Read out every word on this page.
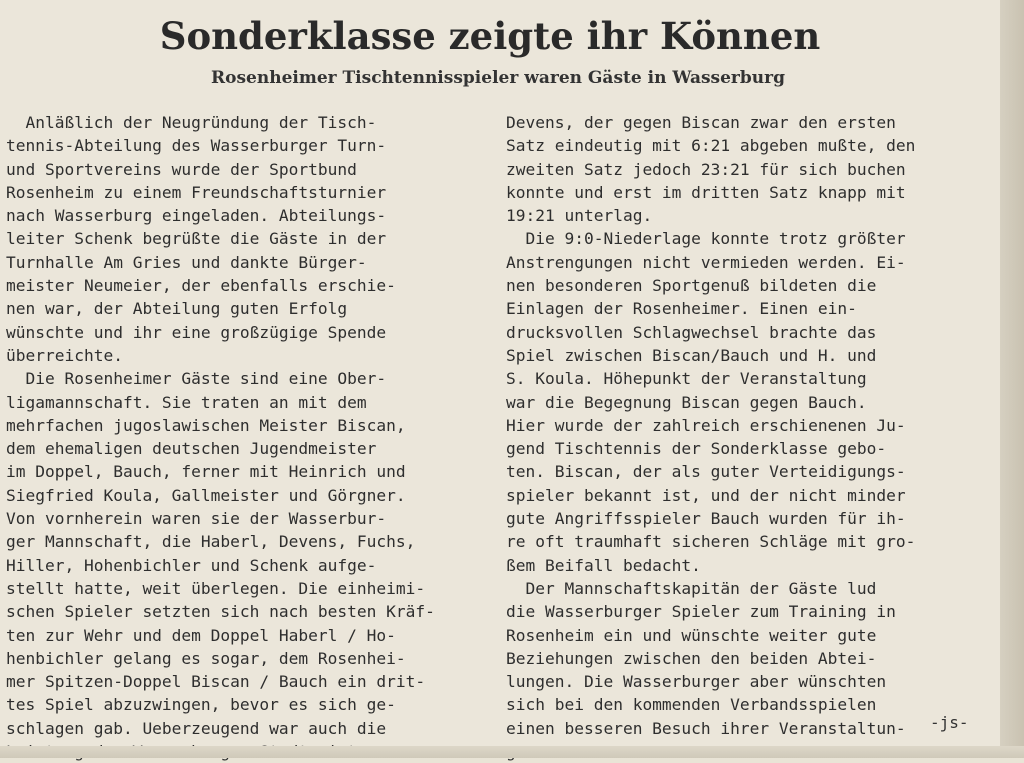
Sonderklasse zeigte ihr Können
Rosenheimer Tischtennisspieler waren Gäste in Wasserburg
Anläßlich der Neugründung der Tisch-
tennis-Abteilung des Wasserburger Turn-
und Sportvereins wurde der Sportbund
Rosenheim zu einem Freundschaftsturnier
nach Wasserburg eingeladen. Abteilungs-
leiter Schenk begrüßte die Gäste in der
Turnhalle Am Gries und dankte Bürger-
meister Neumeier, der ebenfalls erschie-
nen war, der Abteilung guten Erfolg
wünschte und ihr eine großzügige Spende
überreichte.
Die Rosenheimer Gäste sind eine Ober-
ligamannschaft. Sie traten an mit dem
mehrfachen jugoslawischen Meister Biscan,
dem ehemaligen deutschen Jugendmeister
im Doppel, Bauch, ferner mit Heinrich und
Siegfried Koula, Gallmeister und Görgner.
Von vornherein waren sie der Wasserbur-
ger Mannschaft, die Haberl, Devens, Fuchs,
Hiller, Hohenbichler und Schenk aufge-
stellt hatte, weit überlegen. Die einheimi-
schen Spieler setzten sich nach besten Kräf-
ten zur Wehr und dem Doppel Haberl / Ho-
henbichler gelang es sogar, dem Rosenhei-
mer Spitzen-Doppel Biscan / Bauch ein drit-
tes Spiel abzuzwingen, bevor es sich ge-
schlagen gab. Ueberzeugend war auch die
Devens, der gegen Biscan zwar den ersten
Satz eindeutig mit 6:21 abgeben mußte, den
zweiten Satz jedoch 23:21 für sich buchen
konnte und erst im dritten Satz knapp mit
19:21 unterlag.
Die 9:0-Niederlage konnte trotz größter
Anstrengungen nicht vermieden werden. Ei-
nen besonderen Sportgenuß bildeten die
Einlagen der Rosenheimer. Einen ein-
drucksvollen Schlagwechsel brachte das
Spiel zwischen Biscan/Bauch und H. und
S. Koula. Höhepunkt der Veranstaltung
war die Begegnung Biscan gegen Bauch.
Hier wurde der zahlreich erschienenen Ju-
gend Tischtennis der Sonderklasse gebo-
ten. Biscan, der als guter Verteidigungs-
spieler bekannt ist, und der nicht minder
gute Angriffsspieler Bauch wurden für ih-
re oft traumhaft sicheren Schläge mit gro-
ßem Beifall bedacht.
Der Mannschaftskapitän der Gäste lud
die Wasserburger Spieler zum Training in
Rosenheim ein und wünschte weiter gute
Beziehungen zwischen den beiden Abtei-
lungen. Die Wasserburger aber wünschten
sich bei den kommenden Verbandsspielen
einen besseren Besuch ihrer Veranstaltun-	-js-
